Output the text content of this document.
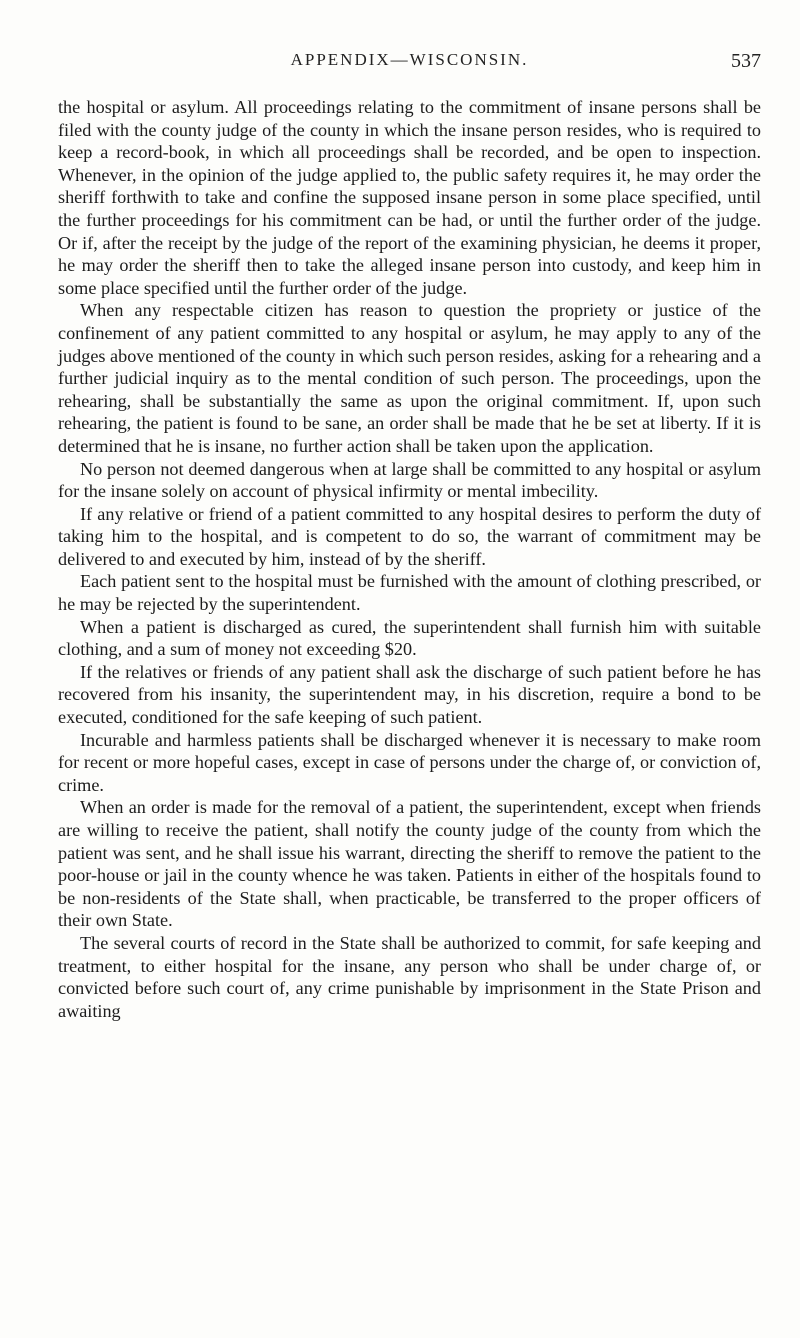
APPENDIX—WISCONSIN.	537

the hospital or asylum. All proceedings relating to the commitment of insane persons shall be filed with the county judge of the county in which the insane person resides, who is required to keep a record-book, in which all proceedings shall be recorded, and be open to inspection. Whenever, in the opinion of the judge applied to, the public safety requires it, he may order the sheriff forthwith to take and confine the supposed insane person in some place specified, until the further proceedings for his commitment can be had, or until the further order of the judge. Or if, after the receipt by the judge of the report of the examining physician, he deems it proper, he may order the sheriff then to take the alleged insane person into custody, and keep him in some place specified until the further order of the judge.

When any respectable citizen has reason to question the propriety or justice of the confinement of any patient committed to any hospital or asylum, he may apply to any of the judges above mentioned of the county in which such person resides, asking for a rehearing and a further judicial inquiry as to the mental condition of such person. The proceedings, upon the rehearing, shall be substantially the same as upon the original commitment. If, upon such rehearing, the patient is found to be sane, an order shall be made that he be set at liberty. If it is determined that he is insane, no further action shall be taken upon the application.

No person not deemed dangerous when at large shall be committed to any hospital or asylum for the insane solely on account of physical infirmity or mental imbecility.

If any relative or friend of a patient committed to any hospital desires to perform the duty of taking him to the hospital, and is competent to do so, the warrant of commitment may be delivered to and executed by him, instead of by the sheriff.

Each patient sent to the hospital must be furnished with the amount of clothing prescribed, or he may be rejected by the superintendent.

When a patient is discharged as cured, the superintendent shall furnish him with suitable clothing, and a sum of money not exceeding $20.

If the relatives or friends of any patient shall ask the discharge of such patient before he has recovered from his insanity, the superintendent may, in his discretion, require a bond to be executed, conditioned for the safe keeping of such patient.

Incurable and harmless patients shall be discharged whenever it is necessary to make room for recent or more hopeful cases, except in case of persons under the charge of, or conviction of, crime.

When an order is made for the removal of a patient, the superintendent, except when friends are willing to receive the patient, shall notify the county judge of the county from which the patient was sent, and he shall issue his warrant, directing the sheriff to remove the patient to the poor-house or jail in the county whence he was taken. Patients in either of the hospitals found to be non-residents of the State shall, when practicable, be transferred to the proper officers of their own State.

The several courts of record in the State shall be authorized to commit, for safe keeping and treatment, to either hospital for the insane, any person who shall be under charge of, or convicted before such court of, any crime punishable by imprisonment in the State Prison and awaiting
